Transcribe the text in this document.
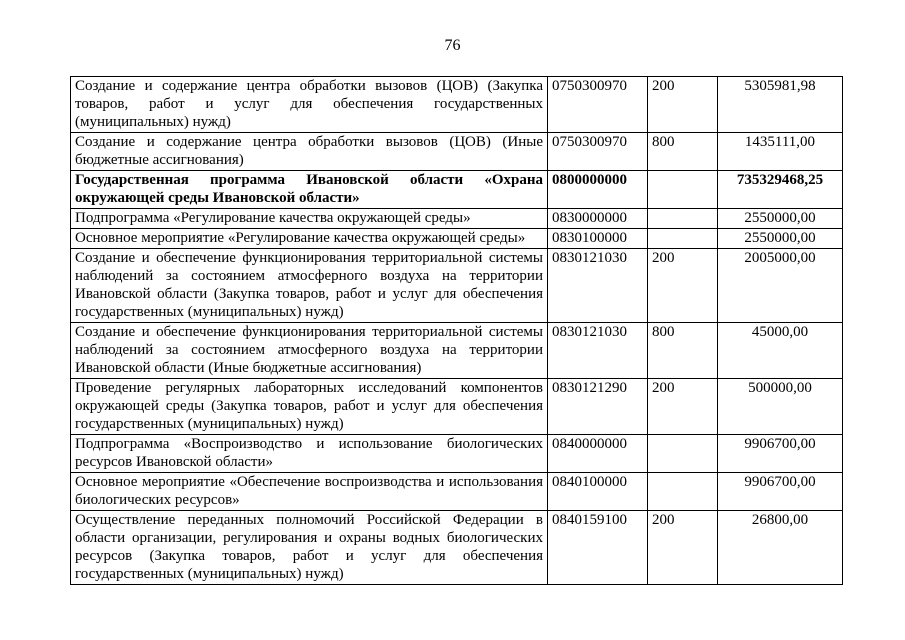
76
Создание и содержание центра обработки вызовов (ЦОВ) (Закупка товаров, работ и услуг для обеспечения государственных (муниципальных) нужд)	0750300970	200	5305981,98
Создание и содержание центра обработки вызовов (ЦОВ) (Иные бюджетные ассигнования)	0750300970	800	1435111,00
Государственная программа Ивановской области «Охрана окружающей среды Ивановской области»	0800000000		735329468,25
Подпрограмма «Регулирование качества окружающей среды»	0830000000		2550000,00
Основное мероприятие «Регулирование качества окружающей среды»	0830100000		2550000,00
Создание и обеспечение функционирования территориальной системы наблюдений за состоянием атмосферного воздуха на территории Ивановской области (Закупка товаров, работ и услуг для обеспечения государственных (муниципальных) нужд)	0830121030	200	2005000,00
Создание и обеспечение функционирования территориальной системы наблюдений за состоянием атмосферного воздуха на территории Ивановской области (Иные бюджетные ассигнования)	0830121030	800	45000,00
Проведение регулярных лабораторных исследований компонентов окружающей среды (Закупка товаров, работ и услуг для обеспечения государственных (муниципальных) нужд)	0830121290	200	500000,00
Подпрограмма «Воспроизводство и использование биологических ресурсов Ивановской области»	0840000000		9906700,00
Основное мероприятие «Обеспечение воспроизводства и использования биологических ресурсов»	0840100000		9906700,00
Осуществление переданных полномочий Российской Федерации в области организации, регулирования и охраны водных биологических ресурсов (Закупка товаров, работ и услуг для обеспечения государственных (муниципальных) нужд)	0840159100	200	26800,00
